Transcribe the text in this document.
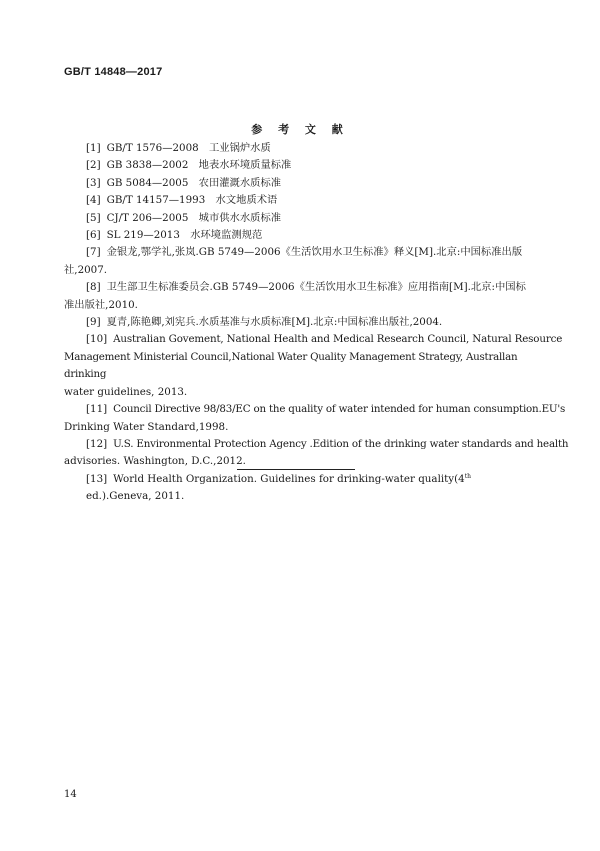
GB/T 14848—2017
参 考 文 献

[1] GB/T 1576—2008　工业锅炉水质

[2] GB 3838—2002　地表水环境质量标准

[3] GB 5084—2005　农田灌溉水质标准

[4] GB/T 14157—1993　水文地质术语

[5] CJ/T 206—2005　城市供水水质标准

[6] SL 219—2013　水环境监测规范

[7] 金银龙,鄂学礼,张岚.GB 5749—2006《生活饮用水卫生标准》释义[M].北京:中国标准出版
社,2007.

[8] 卫生部卫生标准委员会.GB 5749—2006《生活饮用水卫生标准》应用指南[M].北京:中国标
准出版社,2010.

[9] 夏青,陈艳卿,刘宪兵.水质基准与水质标准[M].北京:中国标准出版社,2004.

[10] Australian Govement, National Health and Medical Research Council, Natural Resource
Management Ministerial Council,National Water Quality Management Strategy, Australlan drinking
water guidelines, 2013.

[11] Council Directive 98/83/EC on the quality of water intended for human consumption.EU's
Drinking Water Standard,1998.

[12] U.S. Environmental Protection Agency .Edition of the drinking water standards and health
advisories. Washington, D.C.,2012.

[13] World Health Organization. Guidelines for drinking-water quality(4th ed.).Geneva, 2011.

14
